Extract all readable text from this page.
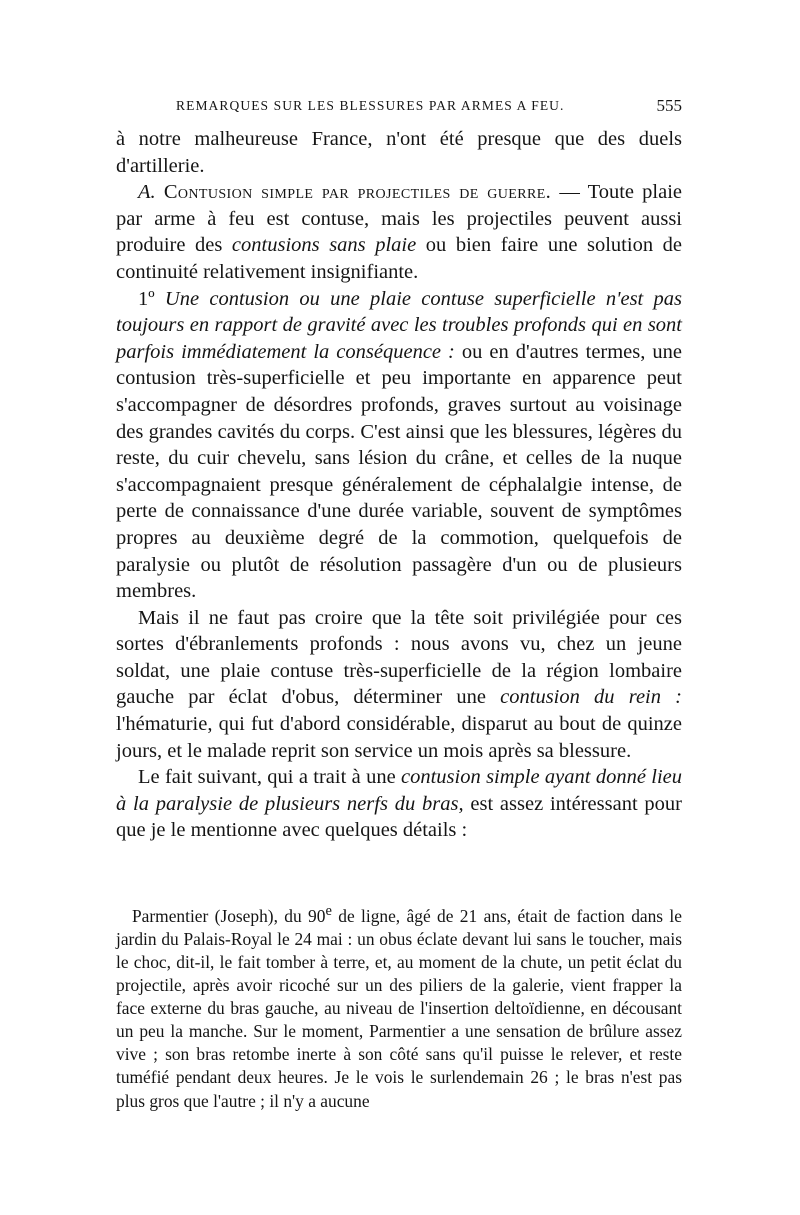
REMARQUES SUR LES BLESSURES PAR ARMES A FEU.	555

à notre malheureuse France, n'ont été presque que des duels d'artillerie.

A. Contusion simple par projectiles de guerre. — Toute plaie par arme à feu est contuse, mais les projectiles peuvent aussi produire des contusions sans plaie ou bien faire une solution de continuité relativement insignifiante.

1º Une contusion ou une plaie contuse superficielle n'est pas toujours en rapport de gravité avec les troubles profonds qui en sont parfois immédiatement la conséquence : ou en d'autres termes, une contusion très-superficielle et peu importante en apparence peut s'accompagner de désordres profonds, graves surtout au voisinage des grandes cavités du corps. C'est ainsi que les blessures, légères du reste, du cuir chevelu, sans lésion du crâne, et celles de la nuque s'accompagnaient presque généralement de céphalalgie intense, de perte de connaissance d'une durée variable, souvent de symptômes propres au deuxième degré de la commotion, quelquefois de paralysie ou plutôt de résolution passagère d'un ou de plusieurs membres.

Mais il ne faut pas croire que la tête soit privilégiée pour ces sortes d'ébranlements profonds : nous avons vu, chez un jeune soldat, une plaie contuse très-superficielle de la région lombaire gauche par éclat d'obus, déterminer une contusion du rein : l'hématurie, qui fut d'abord considérable, disparut au bout de quinze jours, et le malade reprit son service un mois après sa blessure.

Le fait suivant, qui a trait à une contusion simple ayant donné lieu à la paralysie de plusieurs nerfs du bras, est assez intéressant pour que je le mentionne avec quelques détails :

Parmentier (Joseph), du 90e de ligne, âgé de 21 ans, était de faction dans le jardin du Palais-Royal le 24 mai : un obus éclate devant lui sans le toucher, mais le choc, dit-il, le fait tomber à terre, et, au moment de la chute, un petit éclat du projectile, après avoir ricoché sur un des piliers de la galerie, vient frapper la face externe du bras gauche, au niveau de l'insertion deltoïdienne, en décousant un peu la manche. Sur le moment, Parmentier a une sensation de brûlure assez vive ; son bras retombe inerte à son côté sans qu'il puisse le relever, et reste tuméfié pendant deux heures. Je le vois le surlendemain 26 ; le bras n'est pas plus gros que l'autre ; il n'y a aucune
